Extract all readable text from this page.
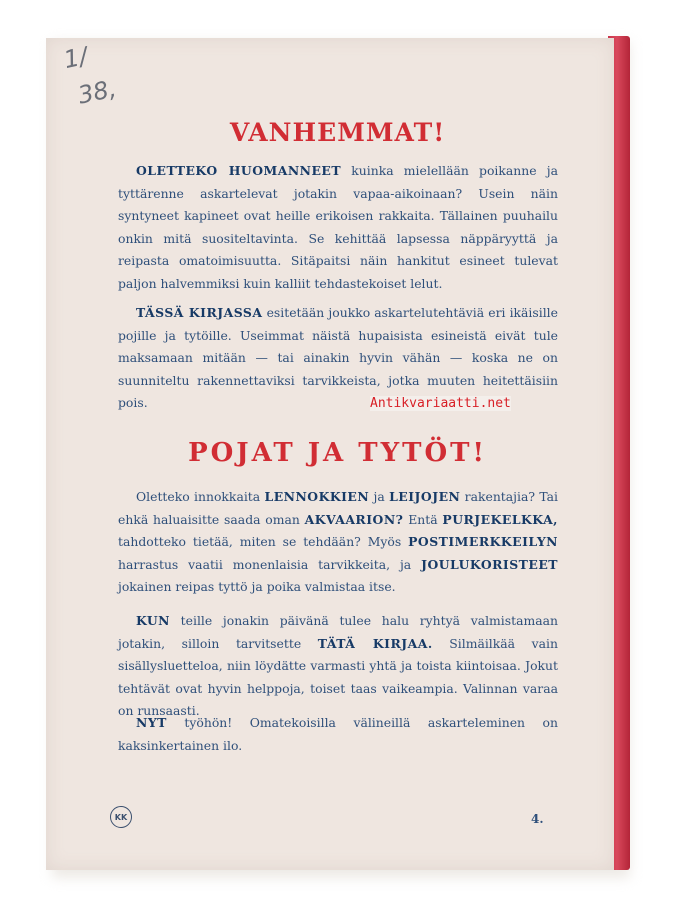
1/
38,
VANHEMMAT!
OLETTEKO HUOMANNEET kuinka mielellään poikanne ja tyttärenne askartelevat jotakin vapaa-aikoinaan? Usein näin syntyneet kapineet ovat heille erikoisen rakkaita. Tällainen puuhailu onkin mitä suositeltavinta. Se kehittää lapsessa näppäryyttä ja reipasta omatoimisuutta. Sitäpaitsi näin hankitut esineet tulevat paljon halvemmiksi kuin kalliit tehdastekoiset lelut.
TÄSSÄ KIRJASSA esitetään joukko askartelutehtäviä eri ikäisille pojille ja tytöille. Useimmat näistä hupaisista esineistä eivät tule maksamaan mitään — tai ainakin hyvin vähän — koska ne on suunniteltu rakennettaviksi tarvikkeista, jotka muuten heitettäisiin pois.	Antikvariaatti.net
POJAT JA TYTÖT!
Oletteko innokkaita LENNOKKIEN ja LEIJOJEN rakentajia? Tai ehkä haluaisitte saada oman AKVAARION? Entä PURJEKELKKA, tahdotteko tietää, miten se tehdään? Myös POSTIMERKKEILYN harrastus vaatii monenlaisia tarvikkeita, ja JOULUKORISTEET jokainen reipas tyttö ja poika valmistaa itse.
KUN teille jonakin päivänä tulee halu ryhtyä valmistamaan jotakin, silloin tarvitsette TÄTÄ KIRJAA. Silmäilkää vain sisällysluetteloa, niin löydätte varmasti yhtä ja toista kiintoisaa. Jokut tehtävät ovat hyvin helppoja, toiset taas vaikeampia. Valinnan varaa on runsaasti.
NYT työhön! Omatekoisilla välineillä askarteleminen on kaksinkertainen ilo.
KK	4.
